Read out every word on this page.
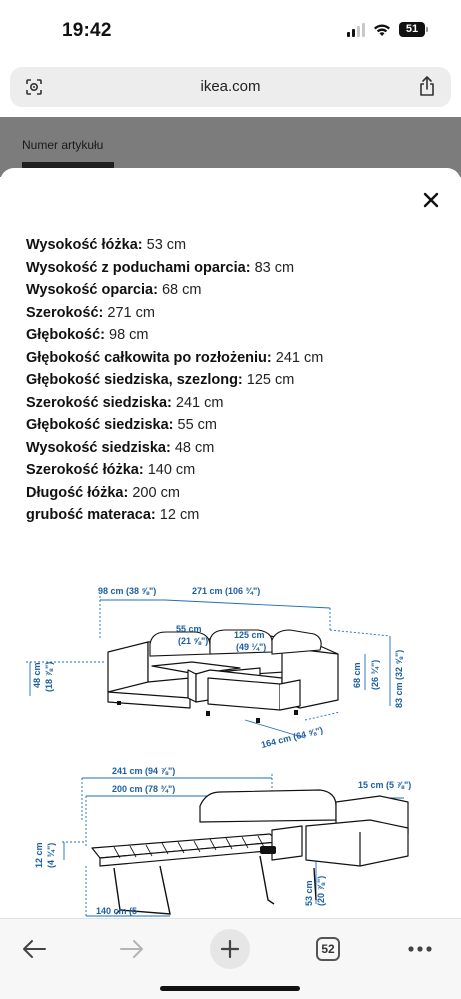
19:42	51
ikea.com
Numer artykułu
Wysokość łóżka: 53 cm
Wysokość z poduchami oparcia: 83 cm
Wysokość oparcia: 68 cm
Szerokość: 271 cm
Głębokość: 98 cm
Głębokość całkowita po rozłożeniu: 241 cm
Głębokość siedziska, szezlong: 125 cm
Szerokość siedziska: 241 cm
Głębokość siedziska: 55 cm
Wysokość siedziska: 48 cm
Szerokość łóżka: 140 cm
Długość łóżka: 200 cm
grubość materaca: 12 cm
98 cm (38 ⅝")	271 cm (106 ¾")
55 cm
(21 ⅝")
125 cm
(49 ¼")
48 cm (18 ⅞")	68 cm (26 ¾") 83 cm (32 ⅝")
164 cm (64 ⅝")
241 cm (94 ⅞")
200 cm (78 ¾")	15 cm (5 ⅞")
12 cm (4 ¾")
53 cm (20 ⅞")
140 cm (5
52
